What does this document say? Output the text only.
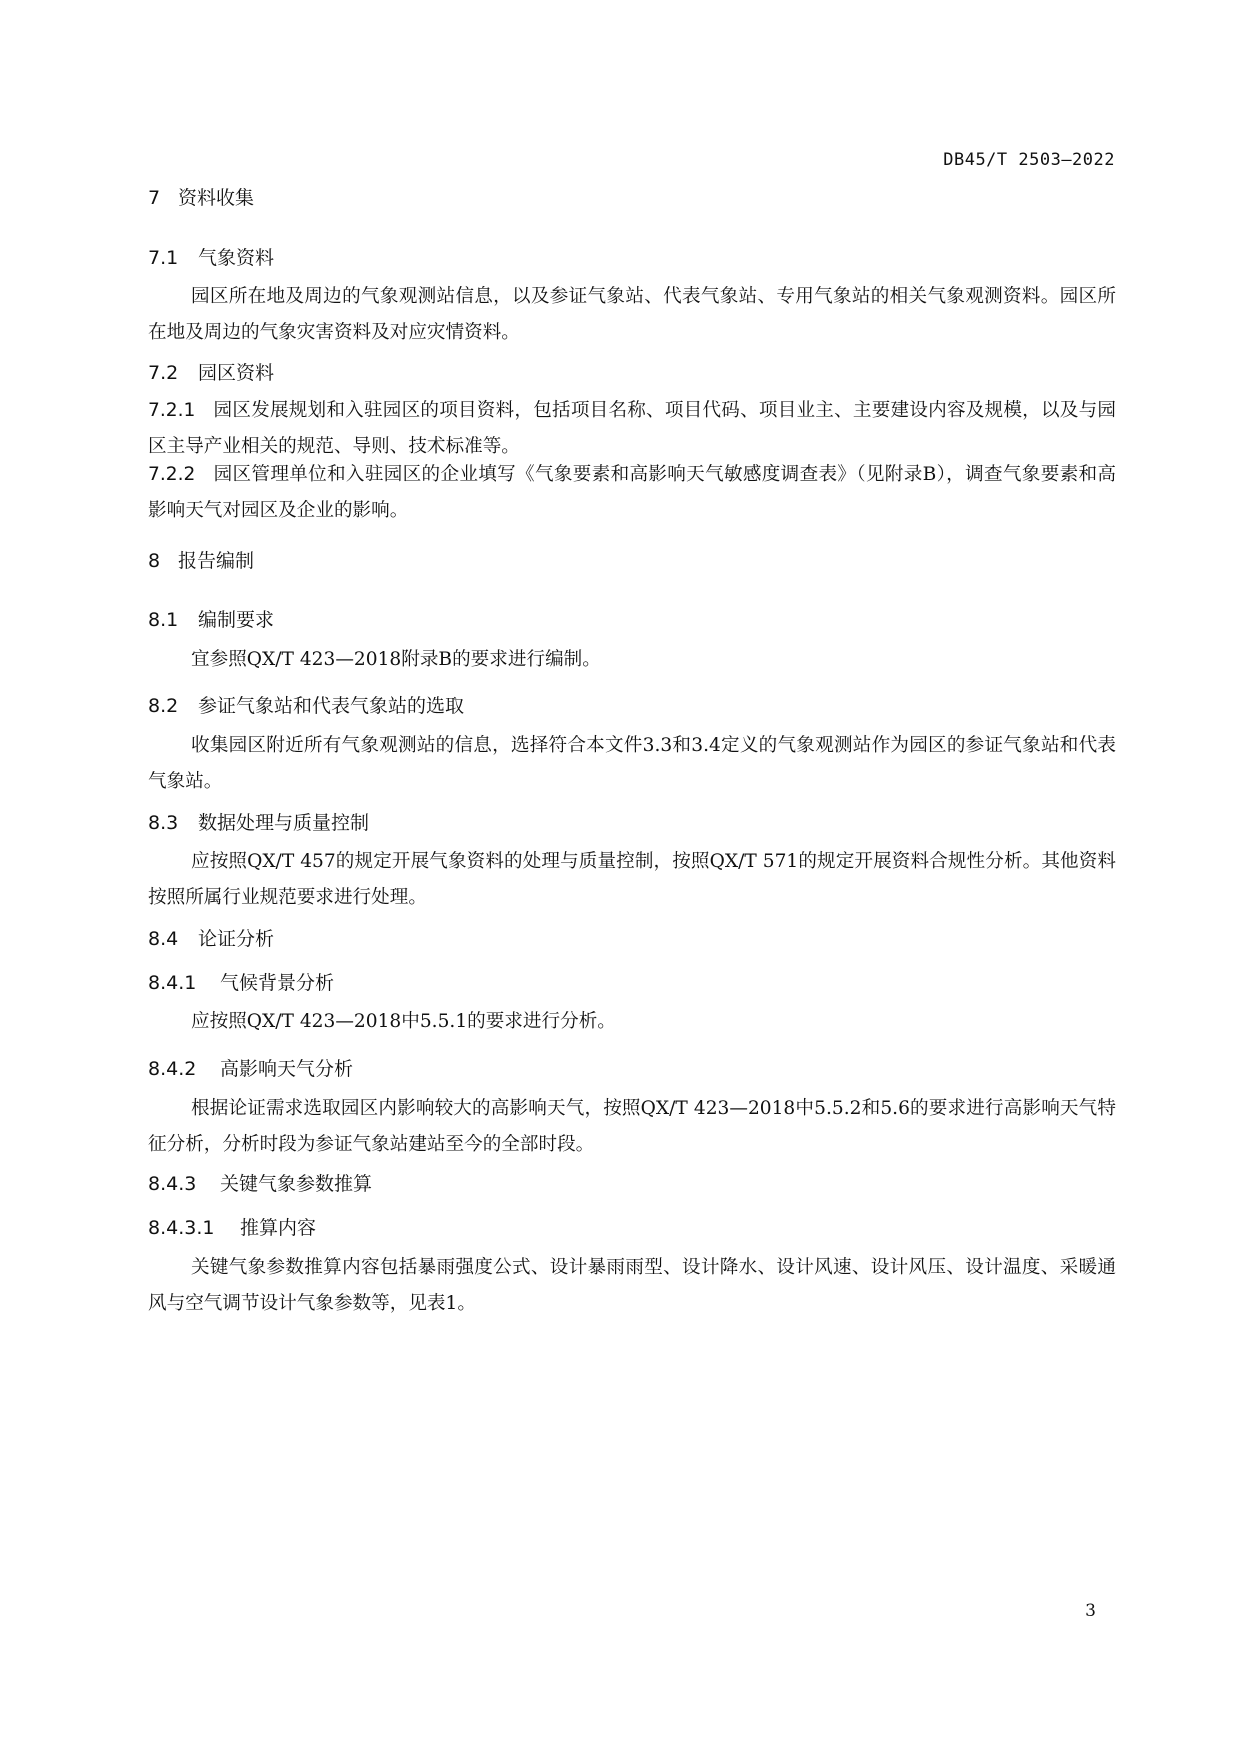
DB45/T 2503—2022
7 资料收集
7.1 气象资料
园区所在地及周边的气象观测站信息，以及参证气象站、代表气象站、专用气象站的相关气象观测资料。园区所在地及周边的气象灾害资料及对应灾情资料。
7.2 园区资料
7.2.1 园区发展规划和入驻园区的项目资料，包括项目名称、项目代码、项目业主、主要建设内容及规模，以及与园区主导产业相关的规范、导则、技术标准等。
7.2.2 园区管理单位和入驻园区的企业填写《气象要素和高影响天气敏感度调查表》（见附录B），调查气象要素和高影响天气对园区及企业的影响。
8 报告编制
8.1 编制要求
宜参照QX/T 423—2018附录B的要求进行编制。
8.2 参证气象站和代表气象站的选取
收集园区附近所有气象观测站的信息，选择符合本文件3.3和3.4定义的气象观测站作为园区的参证气象站和代表气象站。
8.3 数据处理与质量控制
应按照QX/T 457的规定开展气象资料的处理与质量控制，按照QX/T 571的规定开展资料合规性分析。其他资料按照所属行业规范要求进行处理。
8.4 论证分析
8.4.1 气候背景分析
应按照QX/T 423—2018中5.5.1的要求进行分析。
8.4.2 高影响天气分析
根据论证需求选取园区内影响较大的高影响天气，按照QX/T 423—2018中5.5.2和5.6的要求进行高影响天气特征分析，分析时段为参证气象站建站至今的全部时段。
8.4.3 关键气象参数推算
8.4.3.1 推算内容
关键气象参数推算内容包括暴雨强度公式、设计暴雨雨型、设计降水、设计风速、设计风压、设计温度、采暖通风与空气调节设计气象参数等，见表1。
3
